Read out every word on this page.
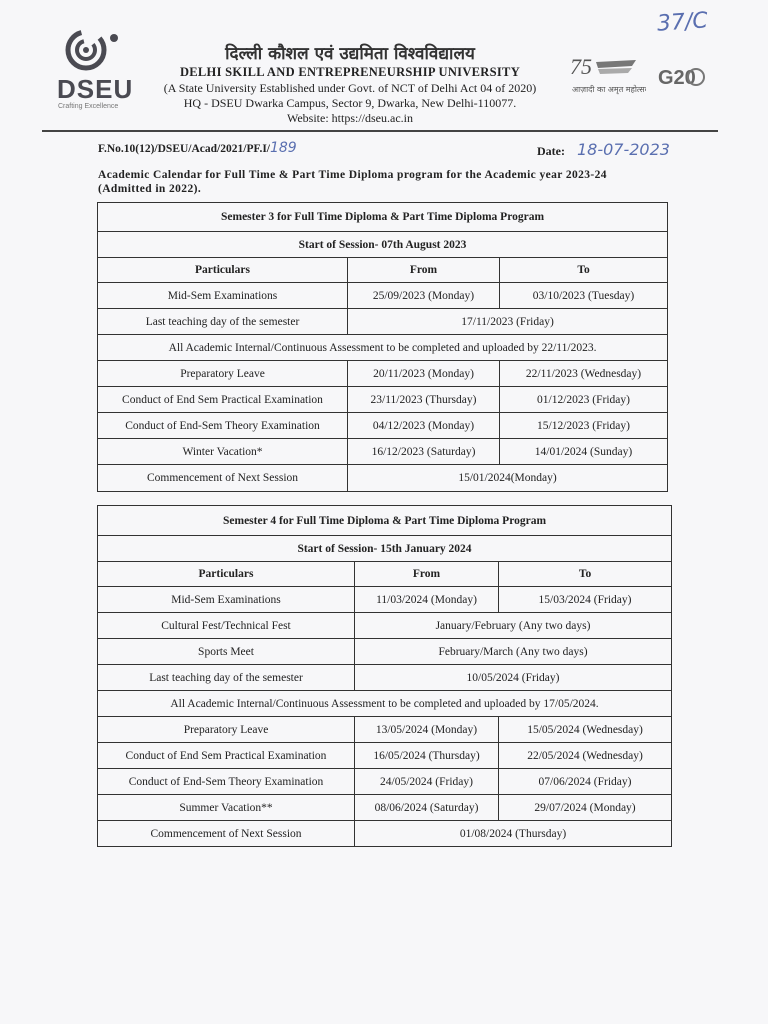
37/C
DSEU
Crafting Excellence
75
आज़ादी का अमृत महोत्सव
G20
दिल्ली कौशल एवं उद्यमिता विश्वविद्यालय
DELHI SKILL AND ENTREPRENEURSHIP UNIVERSITY
(A State University Established under Govt. of NCT of Delhi Act 04 of 2020)
HQ - DSEU Dwarka Campus, Sector 9, Dwarka, New Delhi-110077.
Website: https://dseu.ac.in
F.No.10(12)/DSEU/Acad/2021/PF.I/189	Date: 18-07-2023
Academic Calendar for Full Time & Part Time Diploma program for the Academic year 2023-24 (Admitted in 2022).
Semester 3 for Full Time Diploma & Part Time Diploma Program		
Start of Session- 07th August 2023		
Particulars	From	To
Mid-Sem Examinations	25/09/2023 (Monday)	03/10/2023 (Tuesday)
Last teaching day of the semester	17/11/2023 (Friday)	
All Academic Internal/Continuous Assessment to be completed and uploaded by 22/11/2023.		
Preparatory Leave	20/11/2023 (Monday)	22/11/2023 (Wednesday)
Conduct of End Sem Practical Examination	23/11/2023 (Thursday)	01/12/2023 (Friday)
Conduct of End-Sem Theory Examination	04/12/2023 (Monday)	15/12/2023 (Friday)
Winter Vacation*	16/12/2023 (Saturday)	14/01/2024 (Sunday)
Commencement of Next Session	15/01/2024(Monday)	
Semester 4 for Full Time Diploma & Part Time Diploma Program		
Start of Session- 15th January 2024		
Particulars	From	To
Mid-Sem Examinations	11/03/2024 (Monday)	15/03/2024 (Friday)
Cultural Fest/Technical Fest	January/February (Any two days)	
Sports Meet	February/March (Any two days)	
Last teaching day of the semester	10/05/2024 (Friday)	
All Academic Internal/Continuous Assessment to be completed and uploaded by 17/05/2024.		
Preparatory Leave	13/05/2024 (Monday)	15/05/2024 (Wednesday)
Conduct of End Sem Practical Examination	16/05/2024 (Thursday)	22/05/2024 (Wednesday)
Conduct of End-Sem Theory Examination	24/05/2024 (Friday)	07/06/2024 (Friday)
Summer Vacation**	08/06/2024 (Saturday)	29/07/2024 (Monday)
Commencement of Next Session	01/08/2024 (Thursday)	
